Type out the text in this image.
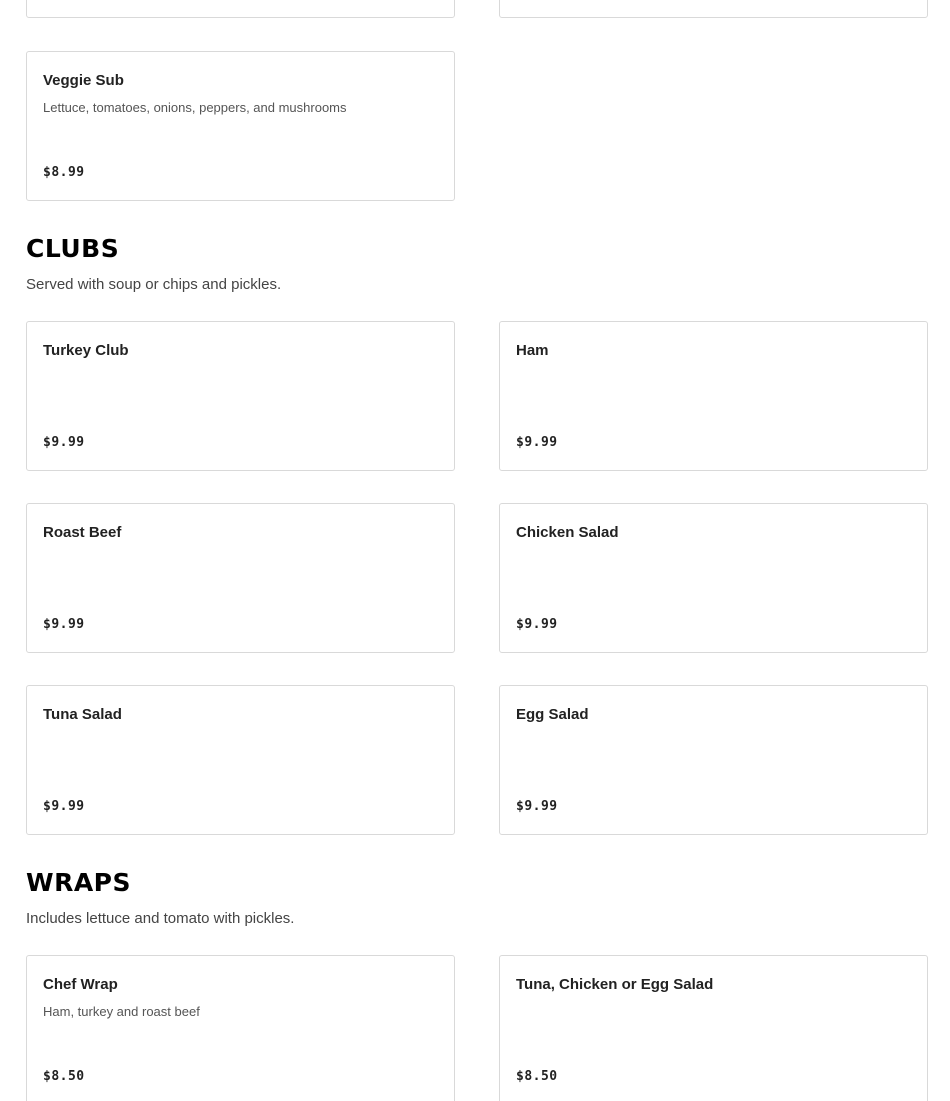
Veggie Sub
Lettuce, tomatoes, onions, peppers, and mushrooms
$8.99
CLUBS
Served with soup or chips and pickles.
Turkey Club
$9.99
Ham
$9.99
Roast Beef
$9.99
Chicken Salad
$9.99
Tuna Salad
$9.99
Egg Salad
$9.99
WRAPS
Includes lettuce and tomato with pickles.
Chef Wrap
Ham, turkey and roast beef
$8.50
Tuna, Chicken or Egg Salad
$8.50
